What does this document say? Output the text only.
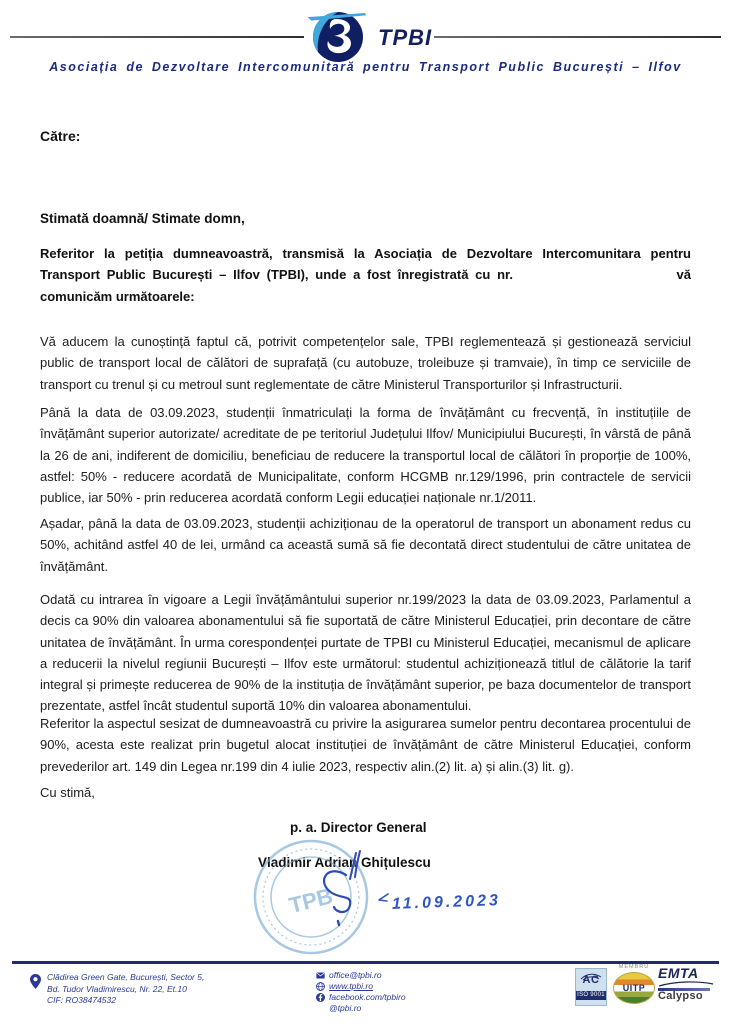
TPBI
Asociația de Dezvoltare Intercomunitară pentru Transport Public București – Ilfov
Către:
Stimată doamnă/ Stimate domn,

Referitor la petiția dumneavoastră, transmisă la Asociația de Dezvoltare Intercomunitara pentru Transport Public București – Ilfov (TPBI), unde a fost înregistrată cu nr.	vă comunicăm următoarele:

Vă aducem la cunoștință faptul că, potrivit competențelor sale, TPBI reglementează și gestionează serviciul public de transport local de călători de suprafață (cu autobuze, troleibuze și tramvaie), în timp ce serviciile de transport cu trenul și cu metroul sunt reglementate de către Ministerul Transporturilor și Infrastructurii.

Până la data de 03.09.2023, studenții înmatriculați la forma de învățământ cu frecvență, în instituțiile de învățământ superior autorizate/ acreditate de pe teritoriul Județului Ilfov/ Municipiului București, în vârstă de până la 26 de ani, indiferent de domiciliu, beneficiau de reducere la transportul local de călători în proporție de 100%, astfel: 50% - reducere acordată de Municipalitate, conform HCGMB nr.129/1996, prin contractele de servicii publice, iar 50% - prin reducerea acordată conform Legii educației naționale nr.1/2011.

Așadar, până la data de 03.09.2023, studenții achiziționau de la operatorul de transport un abonament redus cu 50%, achitând astfel 40 de lei, urmând ca această sumă să fie decontată direct studentului de către unitatea de învățământ.

Odată cu intrarea în vigoare a Legii învățământului superior nr.199/2023 la data de 03.09.2023, Parlamentul a decis ca 90% din valoarea abonamentului să fie suportată de către Ministerul Educației, prin decontare de către unitatea de învățământ. În urma corespondenței purtate de TPBI cu Ministerul Educației, mecanismul de aplicare a reducerii la nivelul regiunii București – Ilfov este următorul: studentul achiziționează titlul de călătorie la tarif integral și primește reducerea de 90% de la instituția de învățământ superior, pe baza documentelor de transport prezentate, astfel încât studentul suportă 10% din valoarea abonamentului.

Referitor la aspectul sesizat de dumneavoastră cu privire la asigurarea sumelor pentru decontarea procentului de 90%, acesta este realizat prin bugetul alocat instituției de învățământ de către Ministerul Educației, conform prevederilor art. 149 din Legea nr.199 din 4 iulie 2023, respectiv alin.(2) lit. a) și alin.(3) lit. g).

Cu stimă,
p. a. Director General
Vladimir Adrian Ghițulescu
TPB	11.09.2023
Clădirea Green Gate, București, Sector 5,
Bd. Tudor Vladimirescu, Nr. 22, Et.10
CIF: RO38474532
office@tpbi.ro
www.tpbi.ro
facebook.com/tpbiro
@tpbi.ro
AC
ISO 9001
MEMBRU
UITP
EMTA
Calypso
